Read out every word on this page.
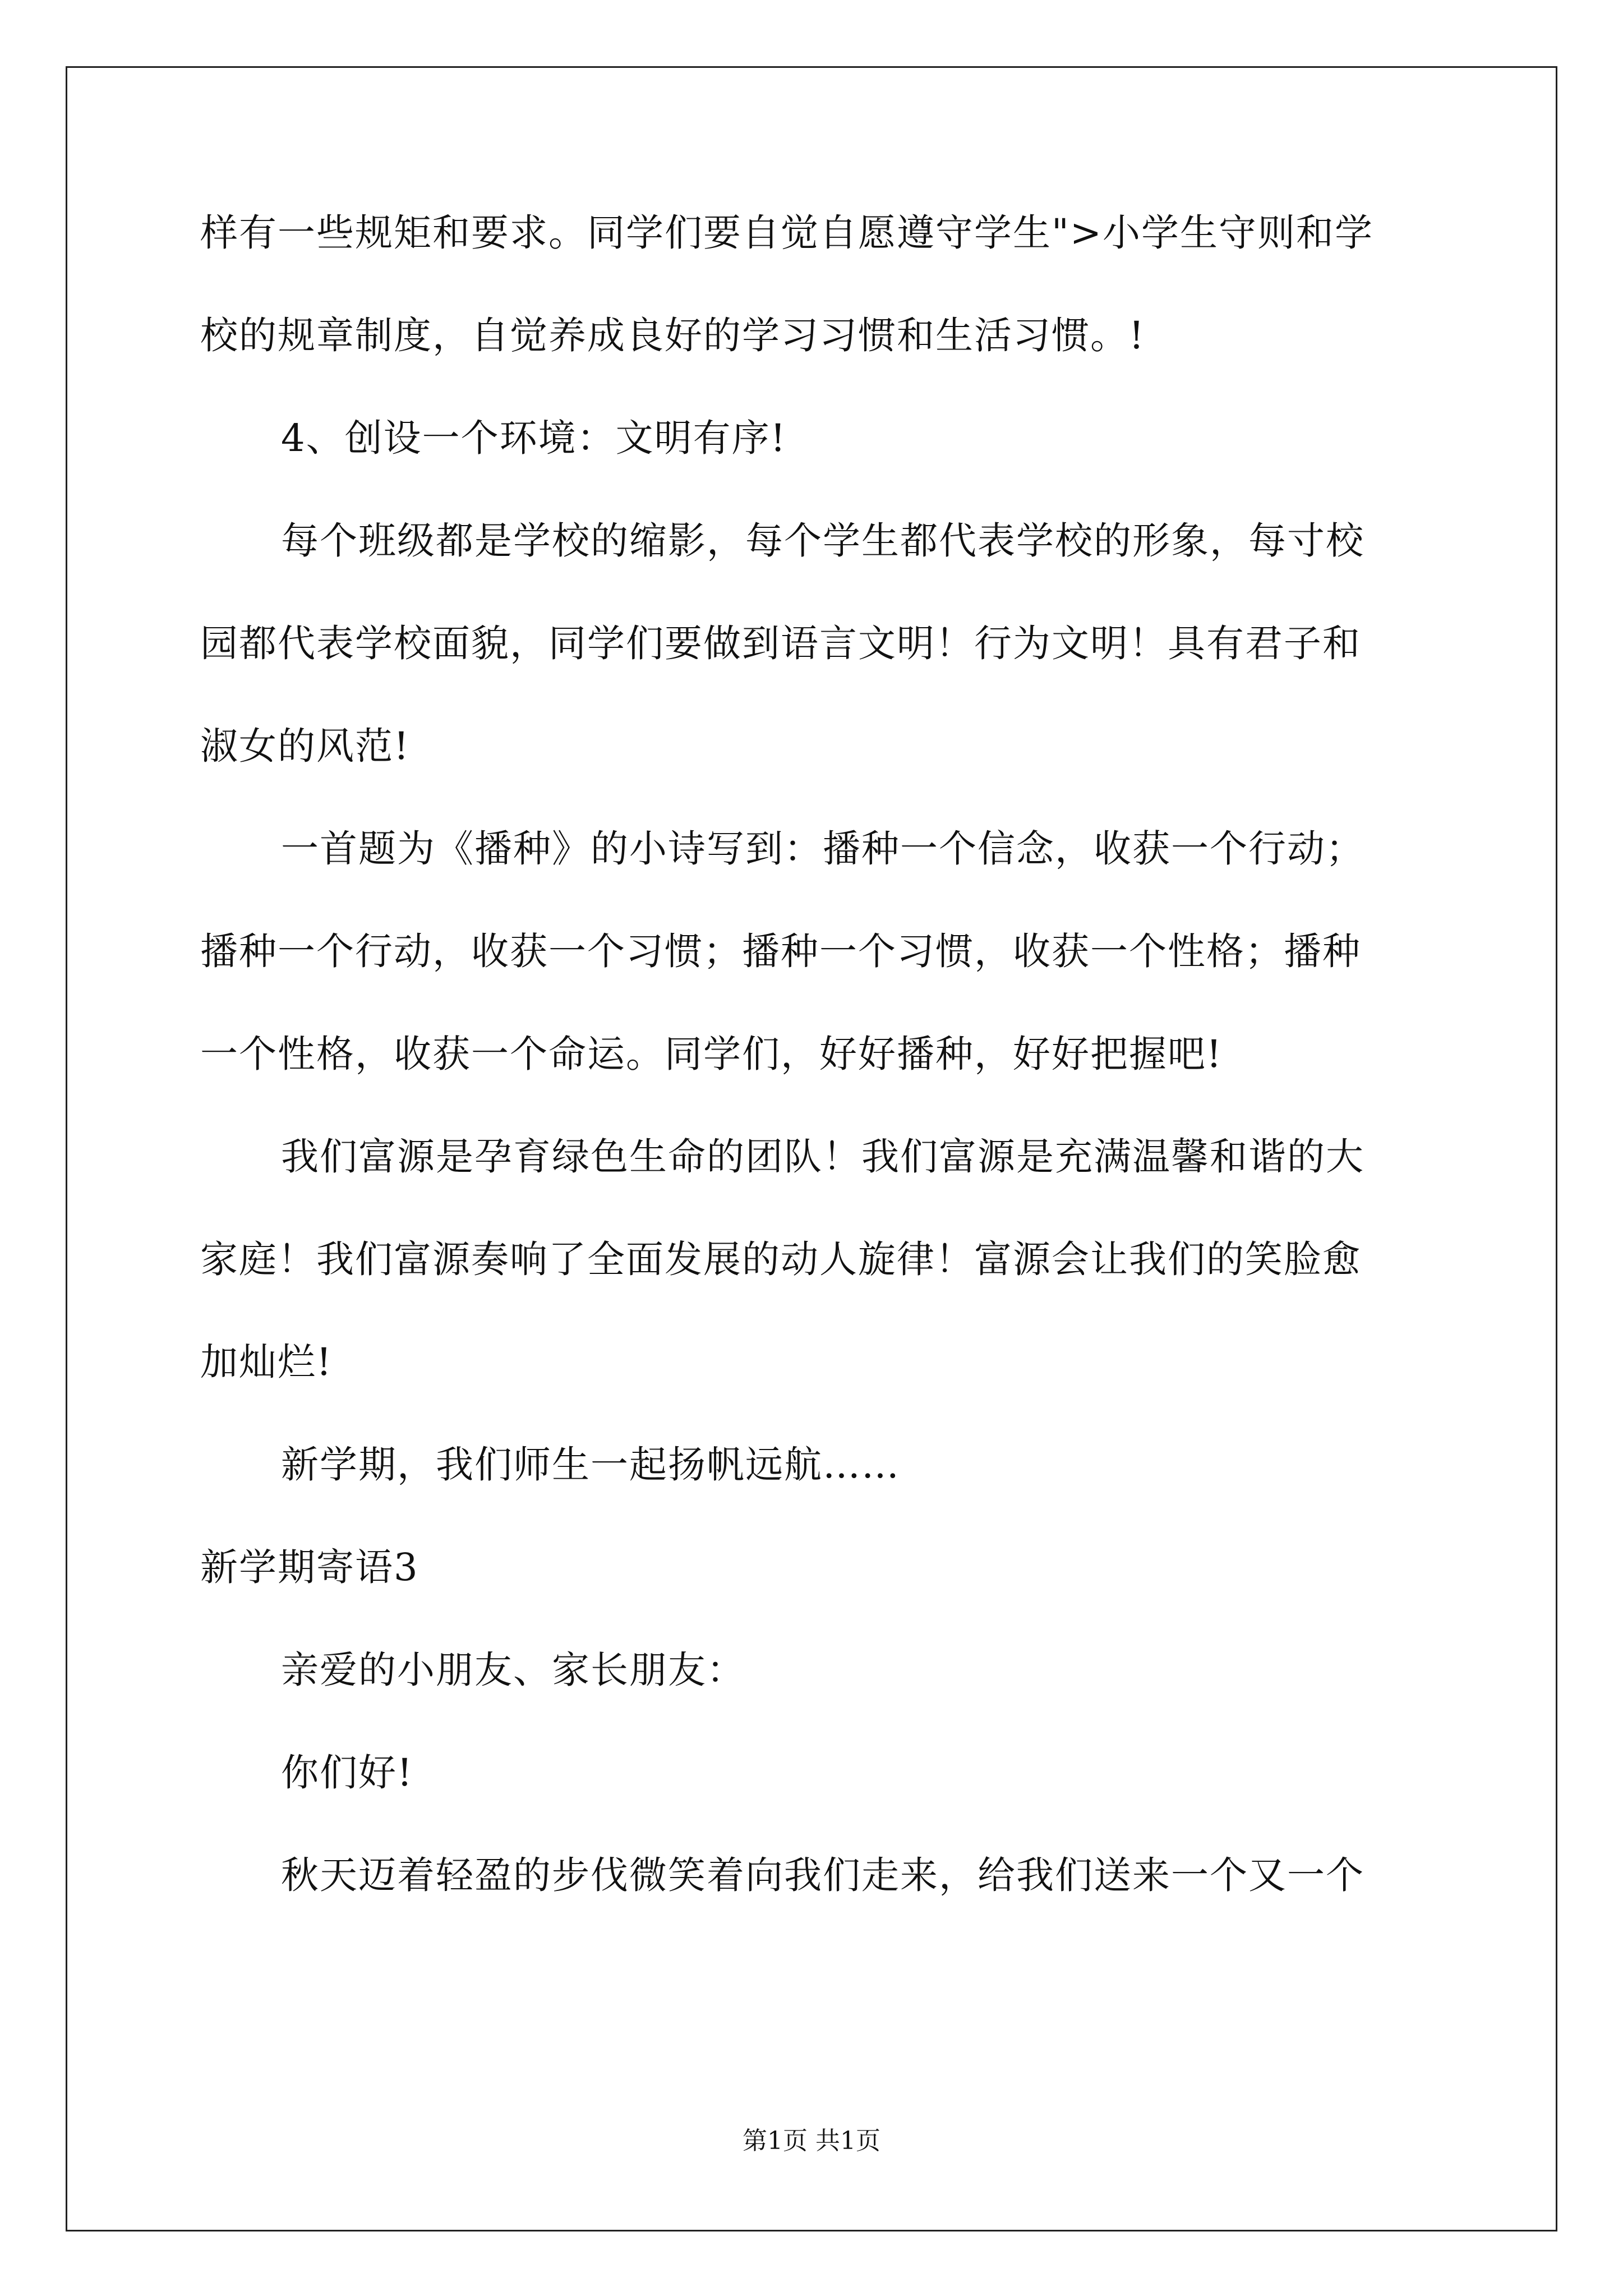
样有一些规矩和要求。同学们要自觉自愿遵守学生">小学生守则和学
校的规章制度，自觉养成良好的学习习惯和生活习惯。!
4、创设一个环境：文明有序!
每个班级都是学校的缩影，每个学生都代表学校的形象，每寸校
园都代表学校面貌，同学们要做到语言文明！行为文明！具有君子和
淑女的风范!
一首题为《播种》的小诗写到：播种一个信念，收获一个行动；
播种一个行动，收获一个习惯；播种一个习惯，收获一个性格；播种
一个性格，收获一个命运。同学们，好好播种，好好把握吧!
我们富源是孕育绿色生命的团队！我们富源是充满温馨和谐的大
家庭！我们富源奏响了全面发展的动人旋律！富源会让我们的笑脸愈
加灿烂!
新学期，我们师生一起扬帆远航……
新学期寄语3
亲爱的小朋友、家长朋友：
你们好!
秋天迈着轻盈的步伐微笑着向我们走来，给我们送来一个又一个
第1页 共1页
